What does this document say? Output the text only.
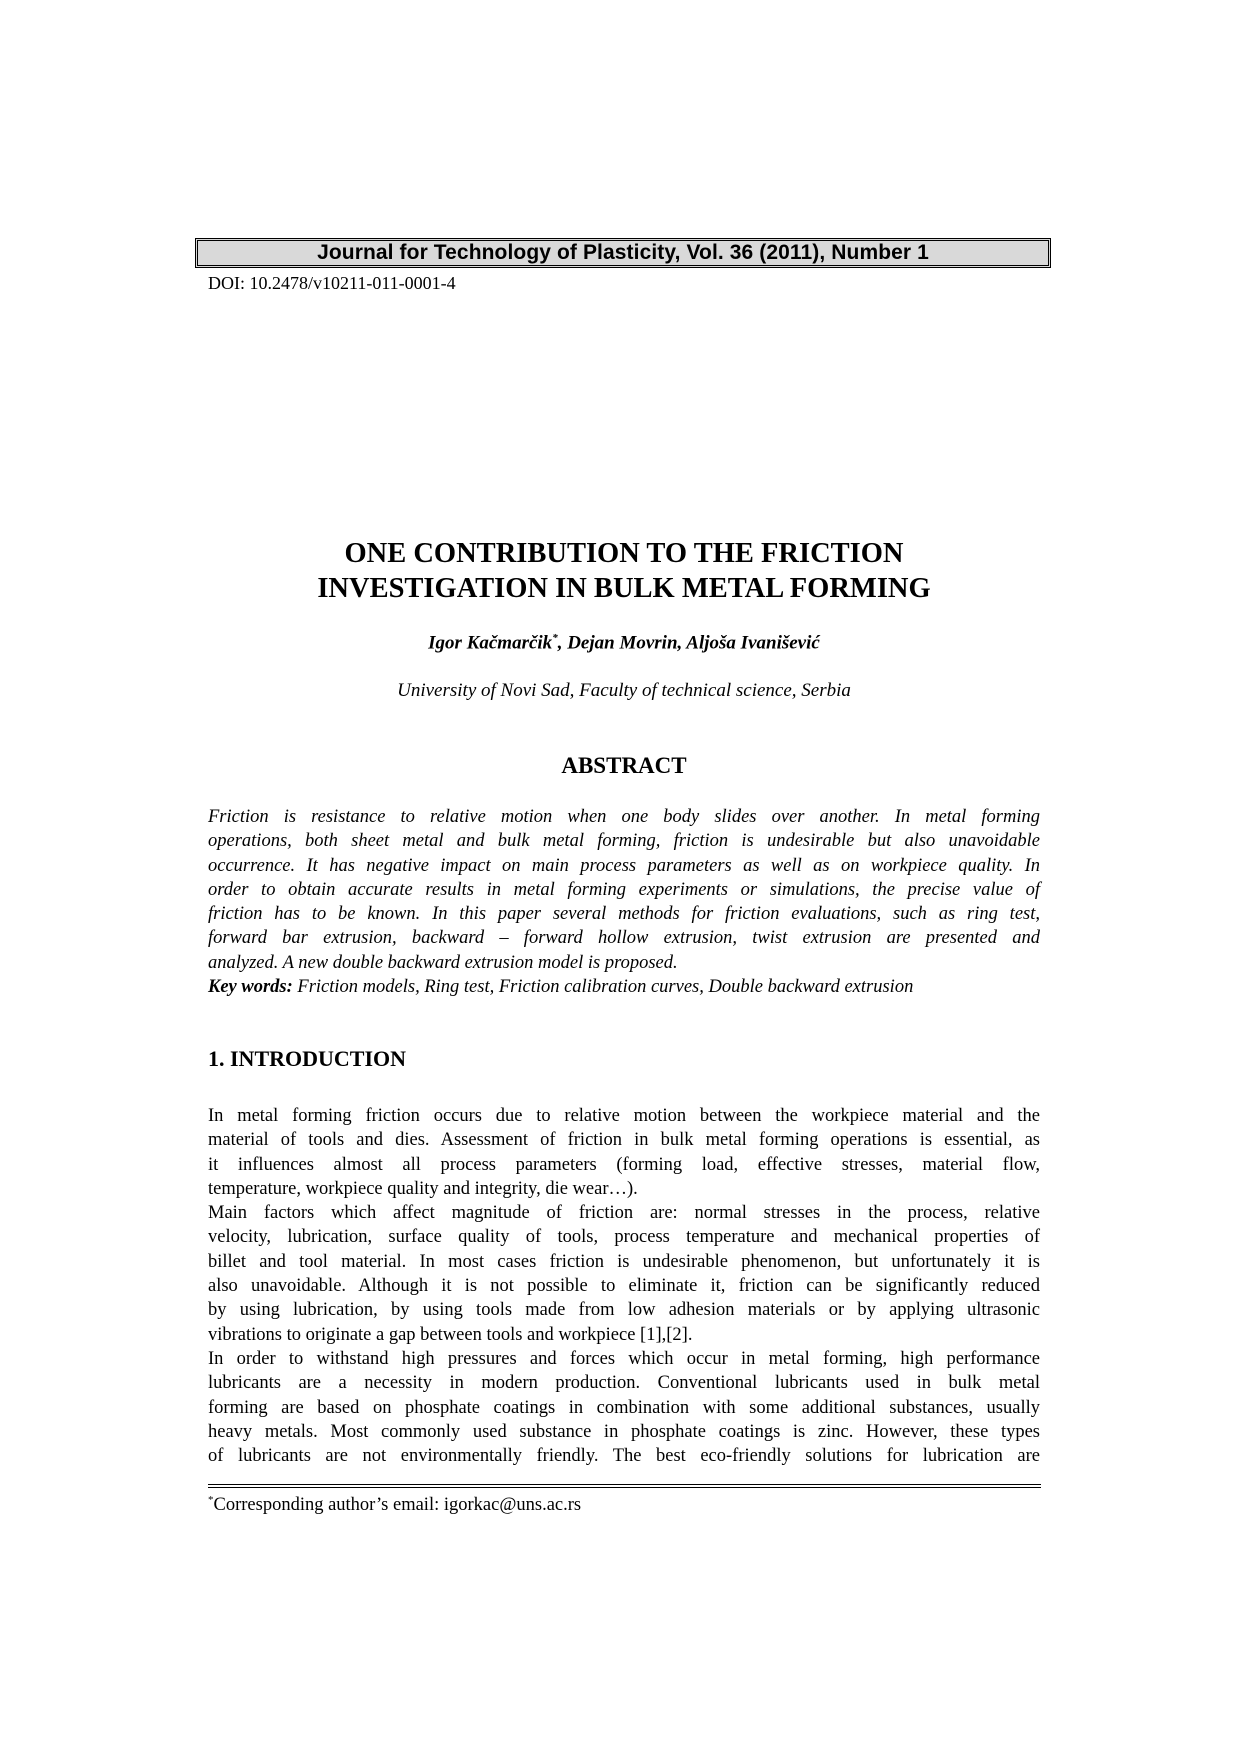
Journal for Technology of Plasticity, Vol. 36 (2011), Number 1
DOI: 10.2478/v10211-011-0001-4
ONE CONTRIBUTION TO THE FRICTION
INVESTIGATION IN BULK METAL FORMING
Igor Kačmarčik*, Dejan Movrin, Aljoša Ivanišević
University of Novi Sad, Faculty of technical science, Serbia
ABSTRACT
Friction is resistance to relative motion when one body slides over another. In metal forming
operations, both sheet metal and bulk metal forming, friction is undesirable but also unavoidable
occurrence. It has negative impact on main process parameters as well as on workpiece quality. In
order to obtain accurate results in metal forming experiments or simulations, the precise value of
friction has to be known. In this paper several methods for friction evaluations, such as ring test,
forward bar extrusion, backward – forward hollow extrusion, twist extrusion are presented and
analyzed. A new double backward extrusion model is proposed.
Key words: Friction models, Ring test, Friction calibration curves, Double backward extrusion
1. INTRODUCTION
In metal forming friction occurs due to relative motion between the workpiece material and the
material of tools and dies. Assessment of friction in bulk metal forming operations is essential, as
it influences almost all process parameters (forming load, effective stresses, material flow,
temperature, workpiece quality and integrity, die wear…).
Main factors which affect magnitude of friction are: normal stresses in the process, relative
velocity, lubrication, surface quality of tools, process temperature and mechanical properties of
billet and tool material. In most cases friction is undesirable phenomenon, but unfortunately it is
also unavoidable. Although it is not possible to eliminate it, friction can be significantly reduced
by using lubrication, by using tools made from low adhesion materials or by applying ultrasonic
vibrations to originate a gap between tools and workpiece [1],[2].
In order to withstand high pressures and forces which occur in metal forming, high performance
lubricants are a necessity in modern production. Conventional lubricants used in bulk metal
forming are based on phosphate coatings in combination with some additional substances, usually
heavy metals. Most commonly used substance in phosphate coatings is zinc. However, these types
of lubricants are not environmentally friendly. The best eco-friendly solutions for lubrication are
*Corresponding author’s email: igorkac@uns.ac.rs
